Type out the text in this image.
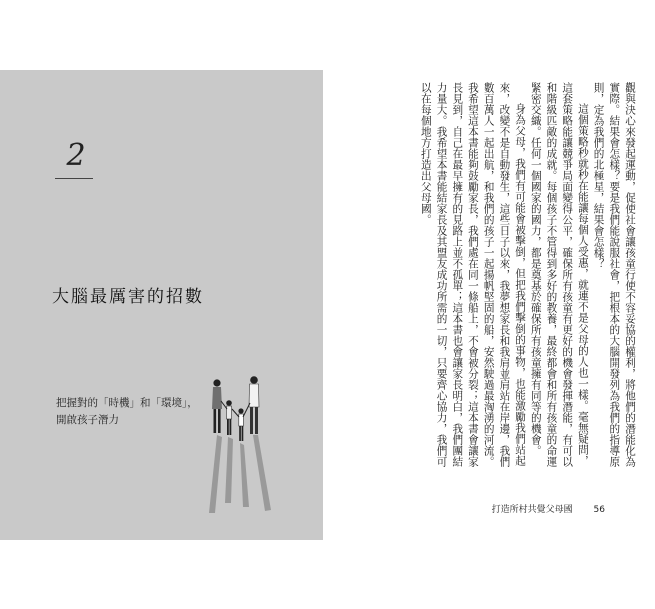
2
大腦最厲害的招數
把握對的「時機」和「環境」，
開啟孩子潛力	觀與決心來發起運動，促使社會讓孩童行使不容妥協的權利，將他們的潛能化為實際。結果會怎樣？要是我們能說服社會，把根本的大腦開發列為我們的指導原則，定為我們的北極星，結果會怎樣？

這個策略秒就秒在能讓每個人受惠，就連不是父母的人也一樣。毫無疑問，這套策略能讓競爭局面變得公平，確保所有孩童有更好的機會發揮潛能，有可以和階級匹敵的成就。每個孩子不管得到多好的教養，最終都會和所有孩童的命運緊密交織。任何一個國家的國力，都是奠基於確保所有孩童擁有同等的機會。

身為父母，我們有可能會被擊倒，但把我們擊倒的事物，也能激勵我們站起來，改變不是自動發生，這些日子以來，我夢想家長和我肩並肩站在岸邊，我們數百萬人一起出航，和我們的孩子一起揚帆堅固的船，安然駛過最洶湧的河流。我希望這本書能夠鼓勵家長，我們處在同一條船上，不會被分裂；這本書會讓家長見到，自己在最早擁有的見路上並不孤單；這本書也會讓家長明白，我們團結力量大。我希望本書能結家長及其盟友成功所需的一切，只要齊心協力，我們可以在每個地方打造出父母國。

打造所村共覺父母國 56
